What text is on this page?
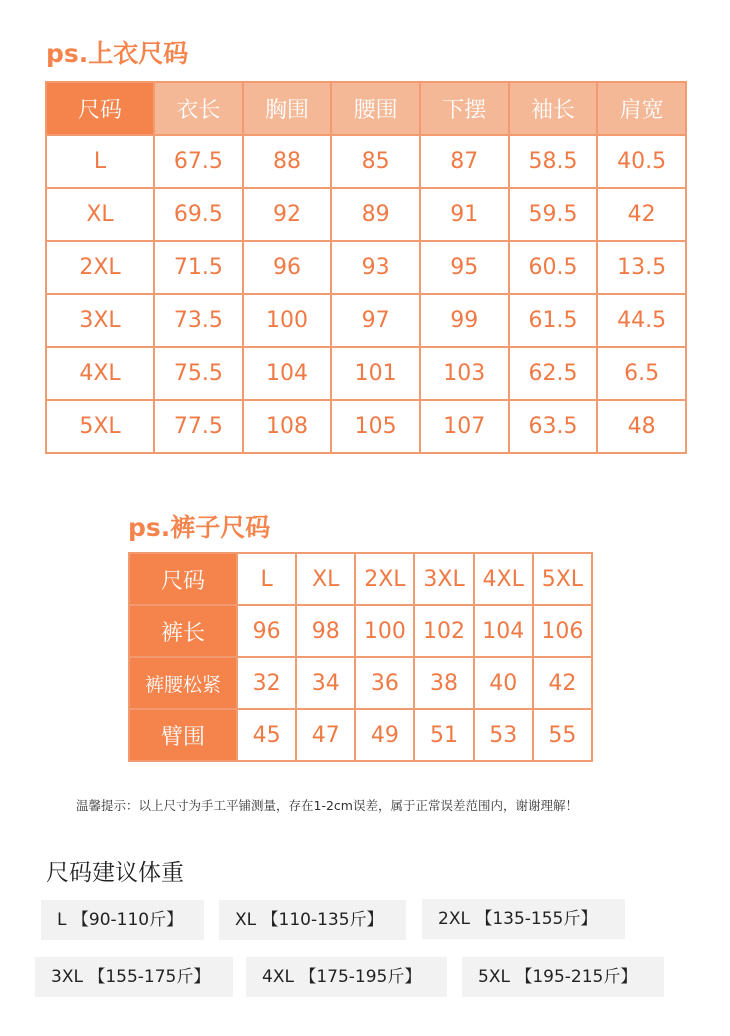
ps.上衣尺码
尺码	衣长	胸围	腰围	下摆	袖长	肩宽
L	67.5	88	85	87	58.5	40.5
XL	69.5	92	89	91	59.5	42
2XL	71.5	96	93	95	60.5	13.5
3XL	73.5	100	97	99	61.5	44.5
4XL	75.5	104	101	103	62.5	6.5
5XL	77.5	108	105	107	63.5	48
ps.裤子尺码
尺码	L	XL	2XL	3XL	4XL	5XL
裤长	96	98	100	102	104	106
裤腰松紧	32	34	36	38	40	42
臂围	45	47	49	51	53	55
温馨提示：以上尺寸为手工平铺测量，存在1-2cm误差，属于正常误差范围内，谢谢理解！
尺码建议体重
L 【90-110斤】	XL 【110-135斤】	2XL 【135-155斤】
3XL 【155-175斤】	4XL 【175-195斤】	5XL 【195-215斤】
